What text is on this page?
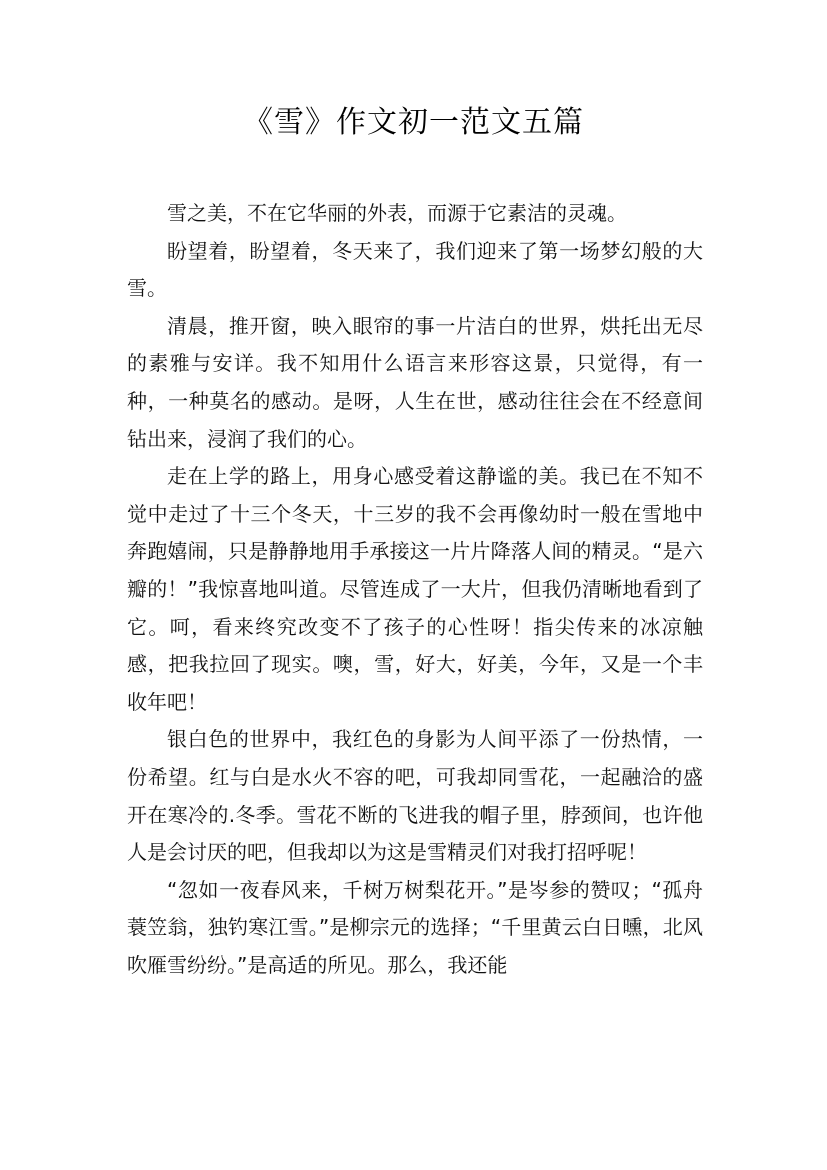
《雪》作文初一范文五篇

雪之美，不在它华丽的外表，而源于它素洁的灵魂。

盼望着，盼望着，冬天来了，我们迎来了第一场梦幻般的大雪。

清晨，推开窗，映入眼帘的事一片洁白的世界，烘托出无尽的素雅与安详。我不知用什么语言来形容这景，只觉得，有一种，一种莫名的感动。是呀，人生在世，感动往往会在不经意间钻出来，浸润了我们的心。

走在上学的路上，用身心感受着这静谧的美。我已在不知不觉中走过了十三个冬天，十三岁的我不会再像幼时一般在雪地中奔跑嬉闹，只是静静地用手承接这一片片降落人间的精灵。“是六瓣的！”我惊喜地叫道。尽管连成了一大片，但我仍清晰地看到了它。呵，看来终究改变不了孩子的心性呀！指尖传来的冰凉触感，把我拉回了现实。噢，雪，好大，好美，今年，又是一个丰收年吧！

银白色的世界中，我红色的身影为人间平添了一份热情，一份希望。红与白是水火不容的吧，可我却同雪花，一起融洽的盛开在寒冷的.冬季。雪花不断的飞进我的帽子里，脖颈间，也许他人是会讨厌的吧，但我却以为这是雪精灵们对我打招呼呢！

“忽如一夜春风来，千树万树梨花开。”是岑参的赞叹；“孤舟蓑笠翁，独钓寒江雪。”是柳宗元的选择；“千里黄云白日曛，北风吹雁雪纷纷。”是高适的所见。那么，我还能
